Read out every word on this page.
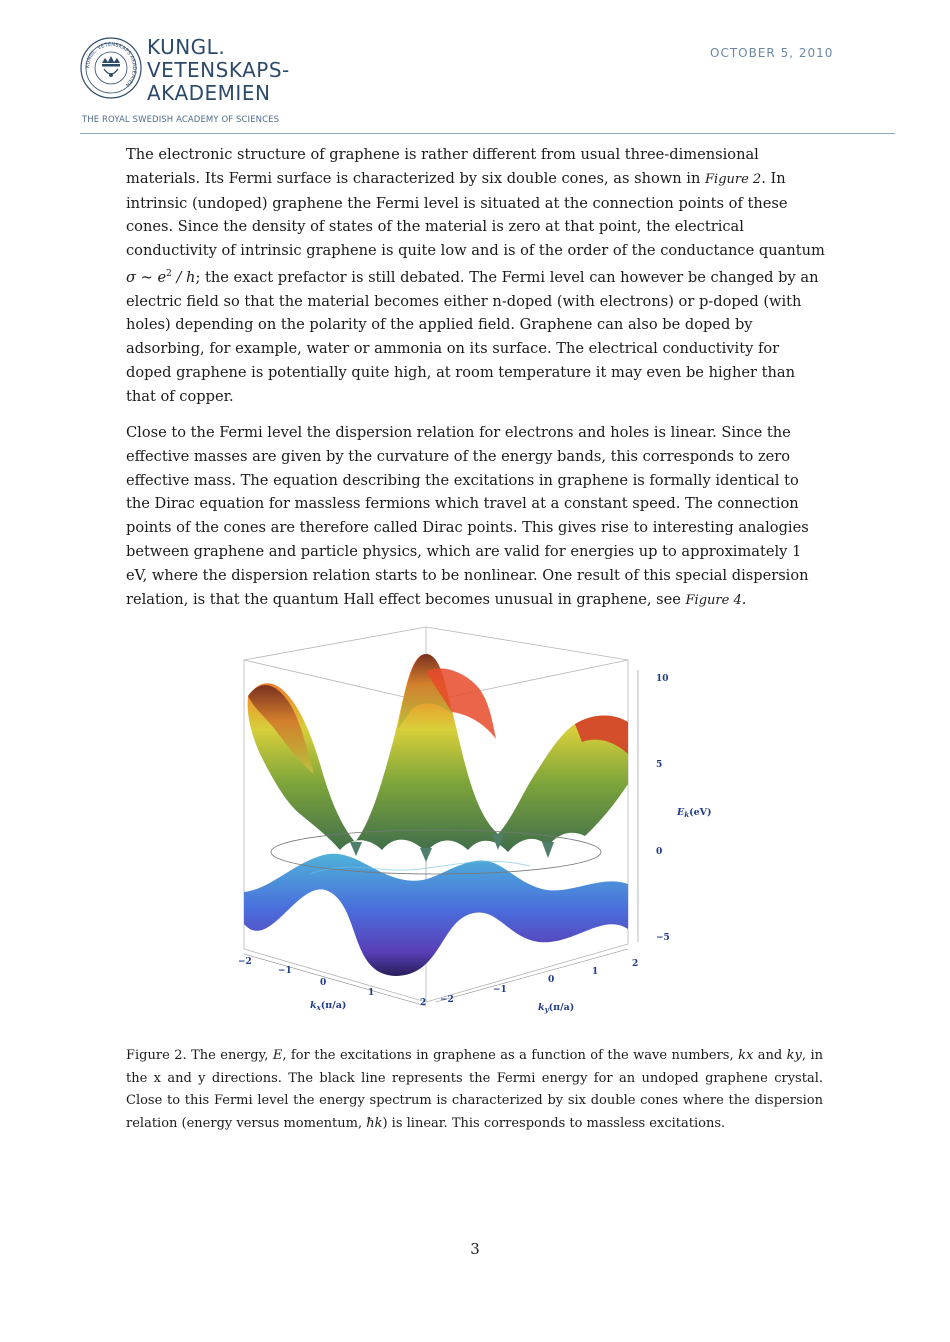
KUNGL. VETENSKAPS AKADEMIEN
KUNGL.
VETENSKAPS-
AKADEMIEN
THE ROYAL SWEDISH ACADEMY OF SCIENCES
OCTOBER 5, 2010

The electronic structure of graphene is rather different from usual three-dimensional materials. Its Fermi surface is characterized by six double cones, as shown in Figure 2. In intrinsic (undoped) graphene the Fermi level is situated at the connection points of these cones. Since the density of states of the material is zero at that point, the electrical conductivity of intrinsic graphene is quite low and is of the order of the conductance quantum σ ~ $e^2$ / h; the exact prefactor is still debated. The Fermi level can however be changed by an electric field so that the material becomes either n-doped (with electrons) or p-doped (with holes) depending on the polarity of the applied field. Graphene can also be doped by adsorbing, for example, water or ammonia on its surface. The electrical conductivity for doped graphene is potentially quite high, at room temperature it may even be higher than that of copper.

Close to the Fermi level the dispersion relation for electrons and holes is linear. Since the effective masses are given by the curvature of the energy bands, this corresponds to zero effective mass. The equation describing the excitations in graphene is formally identical to the Dirac equation for massless fermions which travel at a constant speed. The connection points of the cones are therefore called Dirac points. This gives rise to interesting analogies between graphene and particle physics, which are valid for energies up to approximately 1 eV, where the dispersion relation starts to be nonlinear. One result of this special dispersion relation, is that the quantum Hall effect becomes unusual in graphene, see Figure 4.

10
5
0
−5
$E_k(eV)$
−2
−1
0
1
2
$k_x(\pi/a)$	−2
−1
0
1
2
$k_y(\pi/a)$

Figure 2. The energy, E, for the excitations in graphene as a function of the wave numbers, kx and ky, in the x and y directions. The black line represents the Fermi energy for an undoped graphene crystal. Close to this Fermi level the energy spectrum is characterized by six double cones where the dispersion relation (energy versus momentum, ħk) is linear. This corresponds to massless excitations.

3
